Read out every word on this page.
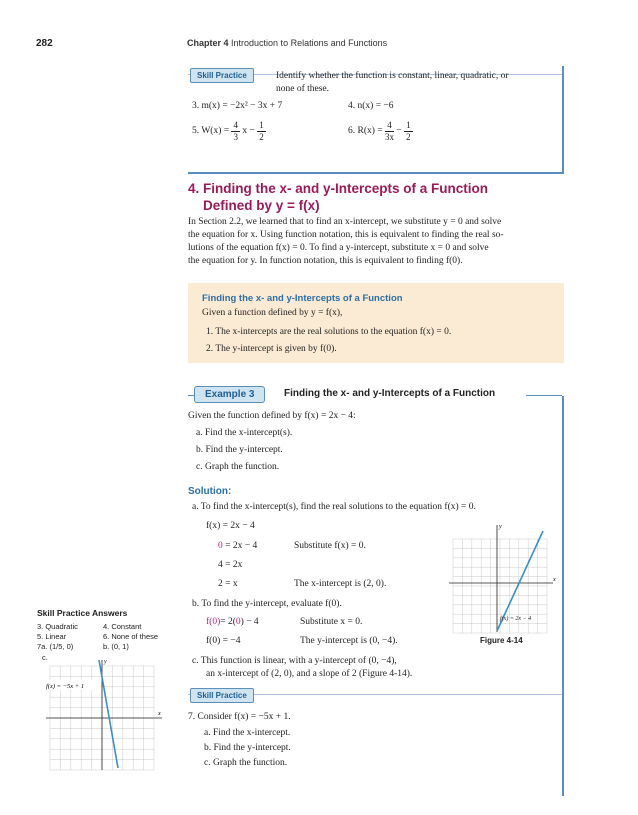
282	Chapter 4 Introduction to Relations and Functions
Skill Practice	Identify whether the function is constant, linear, quadratic, or
none of these.
3. m(x) = −2x² − 3x + 7	4. n(x) = −6
5. $W(x) = \frac{4}{3}$ $x - \frac{1}{2}$	6. $R(x) = \frac{4}{3x} - \frac{1}{2}$
4. Finding the x- and y-Intercepts of a Function
Defined by y = f(x)
In Section 2.2, we learned that to find an x-intercept, we substitute y = 0 and solve
the equation for x. Using function notation, this is equivalent to finding the real so-
lutions of the equation f(x) = 0. To find a y-intercept, substitute x = 0 and solve
the equation for y. In function notation, this is equivalent to finding f(0).
Finding the x- and y-Intercepts of a Function
Given a function defined by y = f(x),
1. The x-intercepts are the real solutions to the equation f(x) = 0.
2. The y-intercept is given by f(0).
Example 3	Finding the x- and y-Intercepts of a Function
Given the function defined by f(x) = 2x − 4:
a. Find the x-intercept(s).
b. Find the y-intercept.
c. Graph the function.
Solution:
a. To find the x-intercept(s), find the real solutions to the equation f(x) = 0.
f(x) = 2x − 4
0 = 2x − 4	Substitute f(x) = 0.
4 = 2x
2 = x	The x-intercept is (2, 0).
b. To find the y-intercept, evaluate f(0).
f(0)= 2(0) − 4	Substitute x = 0.
f(0) = −4	The y-intercept is (0, −4).
c. This function is linear, with a y-intercept of (0, −4),
an x-intercept of (2, 0), and a slope of 2 (Figure 4-14).
x
y
f(x) = 2x − 4
Figure 4-14
Skill Practice
7. Consider f(x) = −5x + 1.
a. Find the x-intercept.
b. Find the y-intercept.
c. Graph the function.
Skill Practice Answers
3. Quadratic	4. Constant
5. Linear	6. None of these
7a. (1/5, 0)	b. (0, 1)
c.
x
y
f(x) = −5x + 1
